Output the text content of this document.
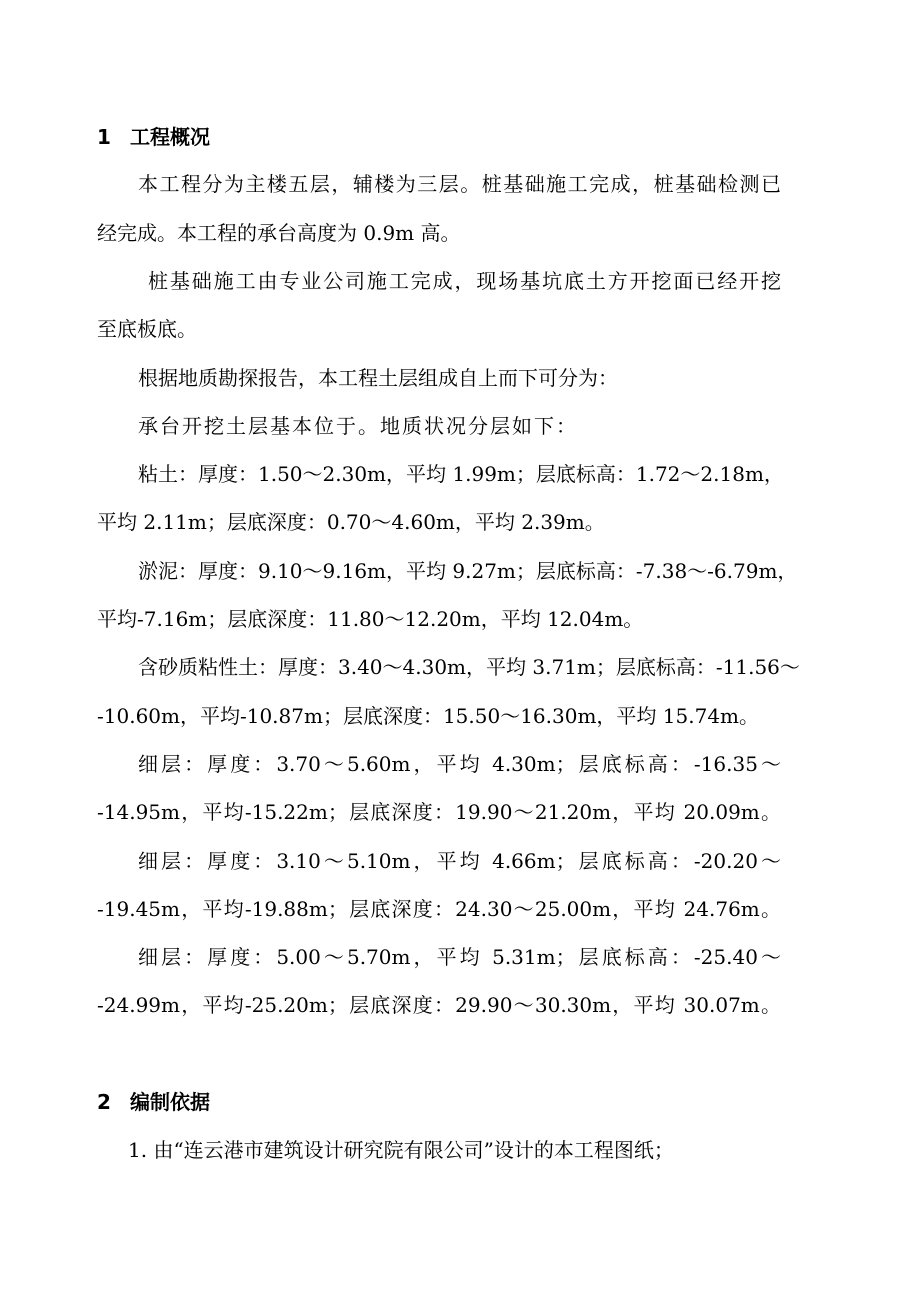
1 工程概况
本工程分为主楼五层，辅楼为三层。桩基础施工完成，桩基础检测已
经完成。本工程的承台高度为 0.9m 高。
桩基础施工由专业公司施工完成，现场基坑底土方开挖面已经开挖
至底板底。
根据地质勘探报告，本工程土层组成自上而下可分为：
承台开挖土层基本位于。地质状况分层如下：
粘土：厚度：1.50～2.30m，平均 1.99m；层底标高：1.72～2.18m，
平均 2.11m；层底深度：0.70～4.60m，平均 2.39m。
淤泥：厚度：9.10～9.16m，平均 9.27m；层底标高：-7.38～-6.79m，
平均-7.16m；层底深度：11.80～12.20m，平均 12.04m。
含砂质粘性土：厚度：3.40～4.30m，平均 3.71m；层底标高：-11.56～
-10.60m，平均-10.87m；层底深度：15.50～16.30m，平均 15.74m。
细层：厚度：3.70～5.60m，平均 4.30m；层底标高：-16.35～
-14.95m，平均-15.22m；层底深度：19.90～21.20m，平均 20.09m。
细层：厚度：3.10～5.10m，平均 4.66m；层底标高：-20.20～
-19.45m，平均-19.88m；层底深度：24.30～25.00m，平均 24.76m。
细层：厚度：5.00～5.70m，平均 5.31m；层底标高：-25.40～
-24.99m，平均-25.20m；层底深度：29.90～30.30m，平均 30.07m。
2 编制依据
1. 由“连云港市建筑设计研究院有限公司”设计的本工程图纸；
